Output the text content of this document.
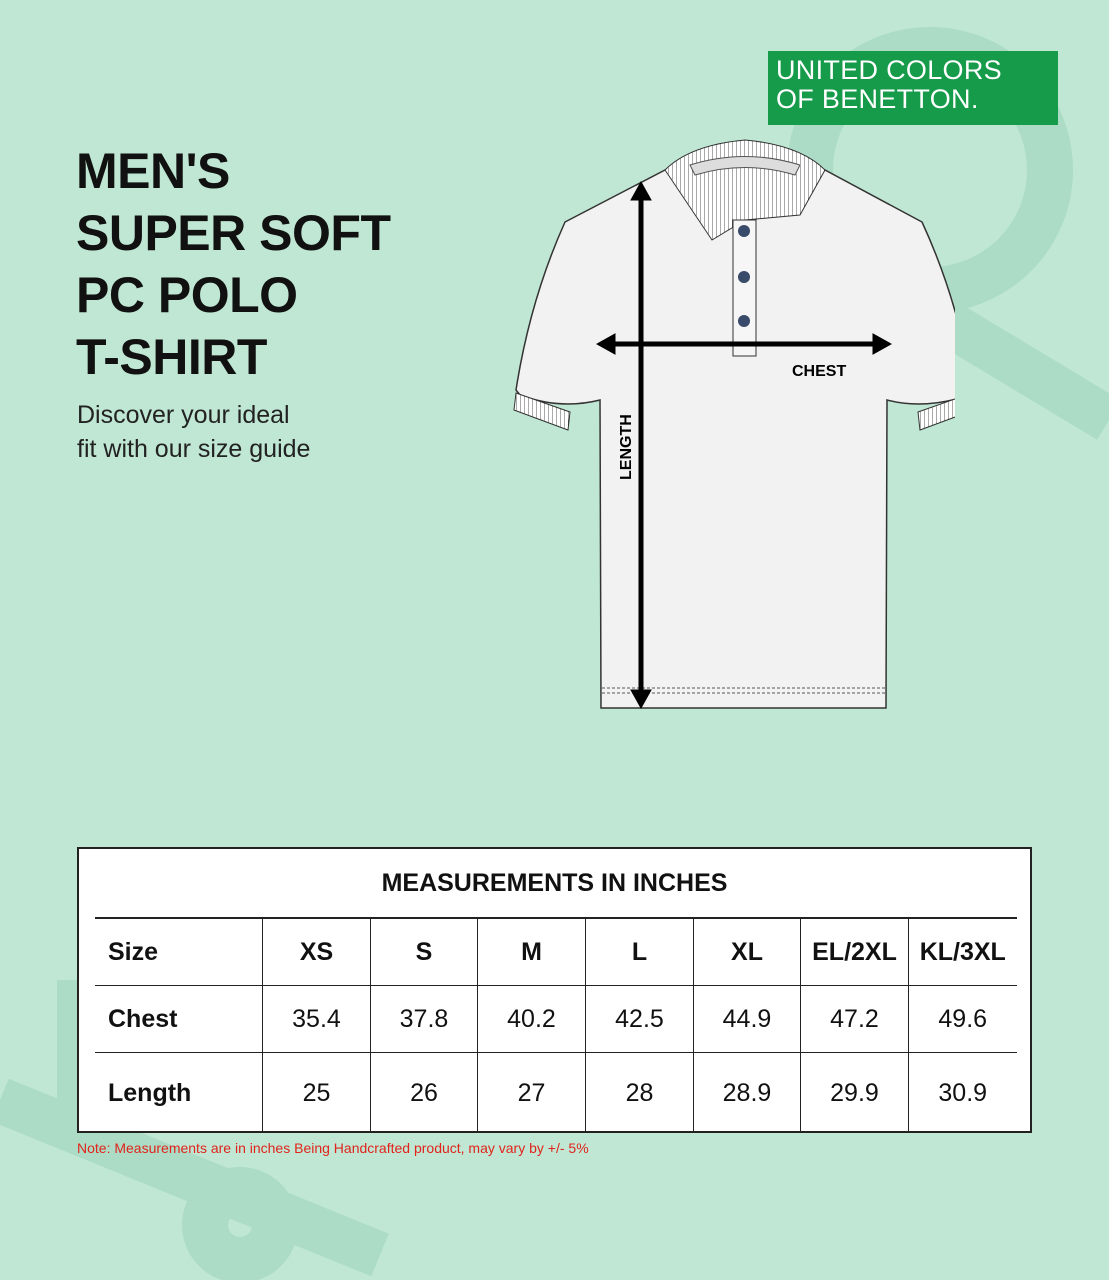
UNITED COLORS
OF BENETTON.
MEN'S
SUPER SOFT
PC POLO
T-SHIRT
Discover your ideal
fit with our size guide
CHEST
LENGTH
MEASUREMENTS IN INCHES
Size	XS	S	M	L	XL	EL/2XL	KL/3XL
Chest	35.4	37.8	40.2	42.5	44.9	47.2	49.6
Length	25	26	27	28	28.9	29.9	30.9
Note: Measurements are in inches Being Handcrafted product, may vary by +/- 5%
